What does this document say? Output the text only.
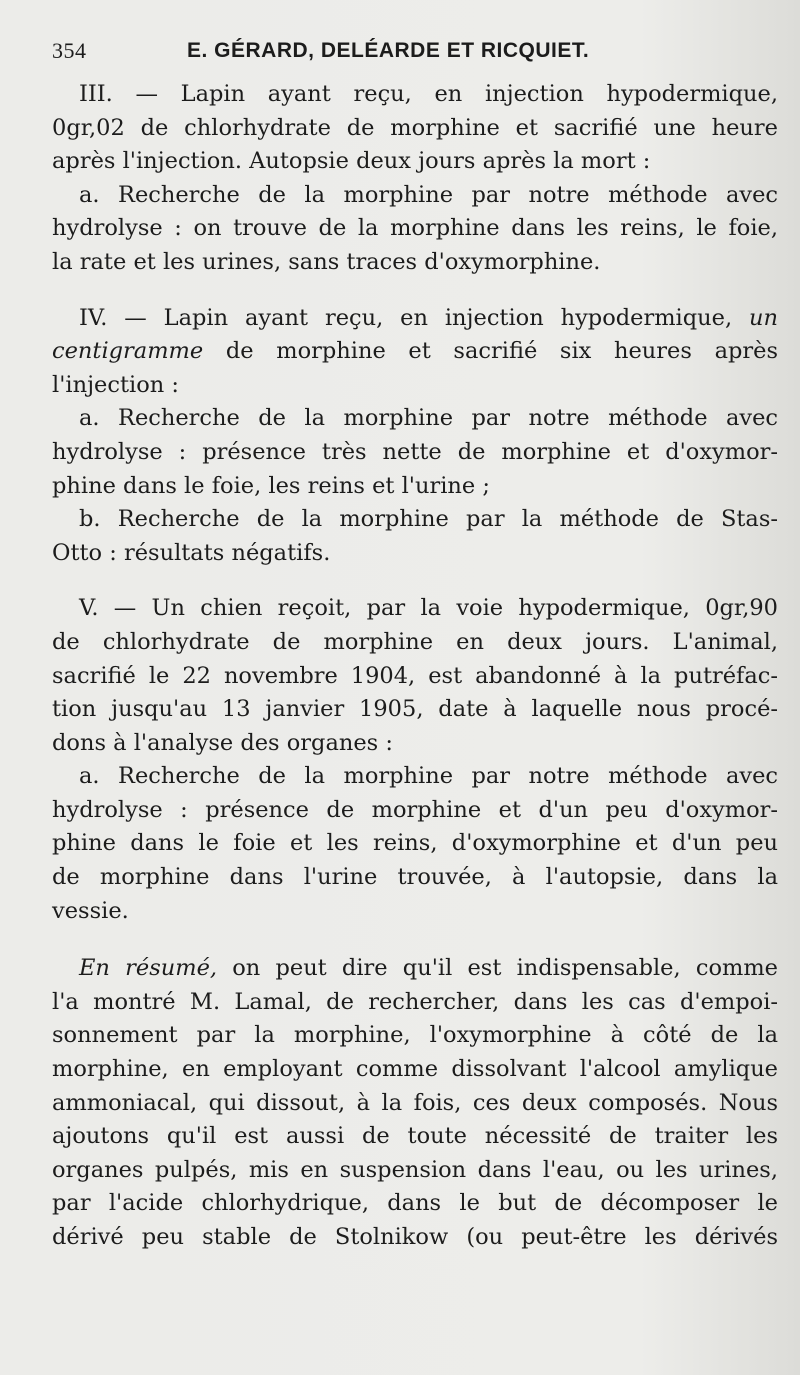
354	E. GÉRARD, DELÉARDE ET RICQUIET.
III. — Lapin ayant reçu, en injection hypodermique,
0gr,02 de chlorhydrate de morphine et sacrifié une heure
après l'injection. Autopsie deux jours après la mort :
a. Recherche de la morphine par notre méthode avec
hydrolyse : on trouve de la morphine dans les reins, le foie,
la rate et les urines, sans traces d'oxymorphine.
IV. — Lapin ayant reçu, en injection hypodermique, un
centigramme de morphine et sacrifié six heures après
l'injection :
a. Recherche de la morphine par notre méthode avec
hydrolyse : présence très nette de morphine et d'oxymor-
phine dans le foie, les reins et l'urine ;
b. Recherche de la morphine par la méthode de Stas-
Otto : résultats négatifs.
V. — Un chien reçoit, par la voie hypodermique, 0gr,90
de chlorhydrate de morphine en deux jours. L'animal,
sacrifié le 22 novembre 1904, est abandonné à la putréfac-
tion jusqu'au 13 janvier 1905, date à laquelle nous procé-
dons à l'analyse des organes :
a. Recherche de la morphine par notre méthode avec
hydrolyse : présence de morphine et d'un peu d'oxymor-
phine dans le foie et les reins, d'oxymorphine et d'un peu
de morphine dans l'urine trouvée, à l'autopsie, dans la
vessie.
En résumé, on peut dire qu'il est indispensable, comme
l'a montré M. Lamal, de rechercher, dans les cas d'empoi-
sonnement par la morphine, l'oxymorphine à côté de la
morphine, en employant comme dissolvant l'alcool amylique
ammoniacal, qui dissout, à la fois, ces deux composés. Nous
ajoutons qu'il est aussi de toute nécessité de traiter les
organes pulpés, mis en suspension dans l'eau, ou les urines,
par l'acide chlorhydrique, dans le but de décomposer le
dérivé peu stable de Stolnikow (ou peut-être les dérivés
